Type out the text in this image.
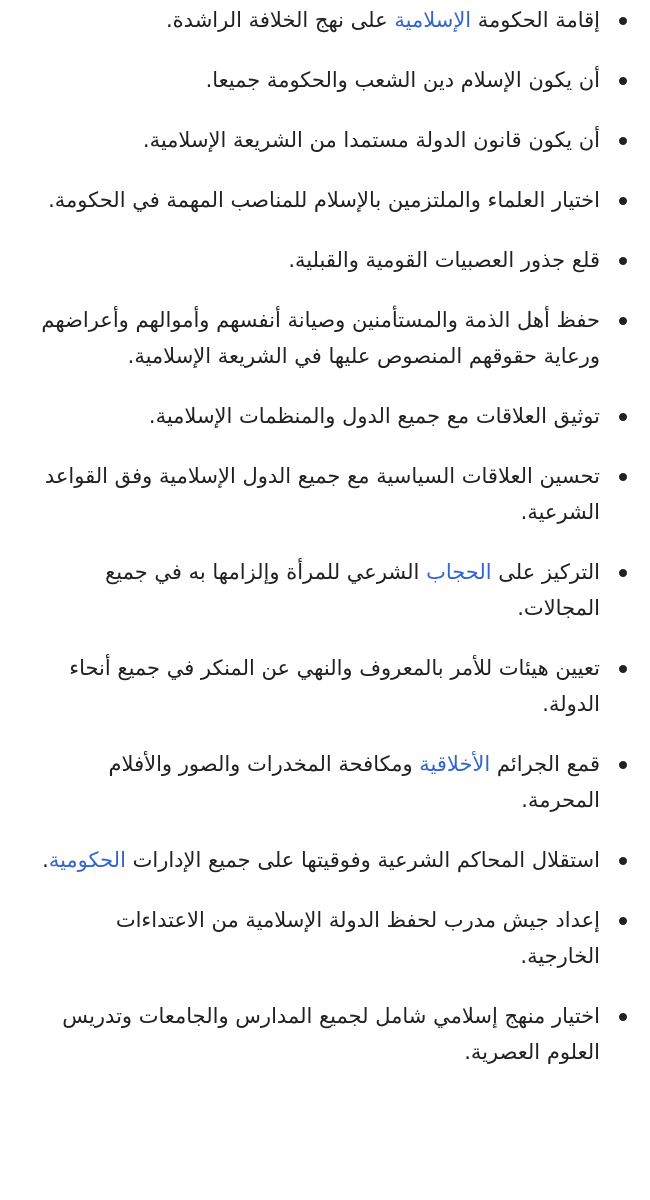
إقامة الحكومة الإسلامية على نهج الخلافة الراشدة.
أن يكون الإسلام دين الشعب والحكومة جميعا.
أن يكون قانون الدولة مستمدا من الشريعة الإسلامية.
اختيار العلماء والملتزمين بالإسلام للمناصب المهمة في الحكومة.
قلع جذور العصبيات القومية والقبلية.
حفظ أهل الذمة والمستأمنين وصيانة أنفسهم وأموالهم وأعراضهم ورعاية حقوقهم المنصوص عليها في الشريعة الإسلامية.
توثيق العلاقات مع جميع الدول والمنظمات الإسلامية.
تحسين العلاقات السياسية مع جميع الدول الإسلامية وفق القواعد الشرعية.
التركيز على الحجاب الشرعي للمرأة وإلزامها به في جميع المجالات.
تعيين هيئات للأمر بالمعروف والنهي عن المنكر في جميع أنحاء الدولة.
قمع الجرائم الأخلاقية ومكافحة المخدرات والصور والأفلام المحرمة.
استقلال المحاكم الشرعية وفوقيتها على جميع الإدارات الحكومية.
إعداد جيش مدرب لحفظ الدولة الإسلامية من الاعتداءات الخارجية.
اختيار منهج إسلامي شامل لجميع المدارس والجامعات وتدريس العلوم العصرية.
